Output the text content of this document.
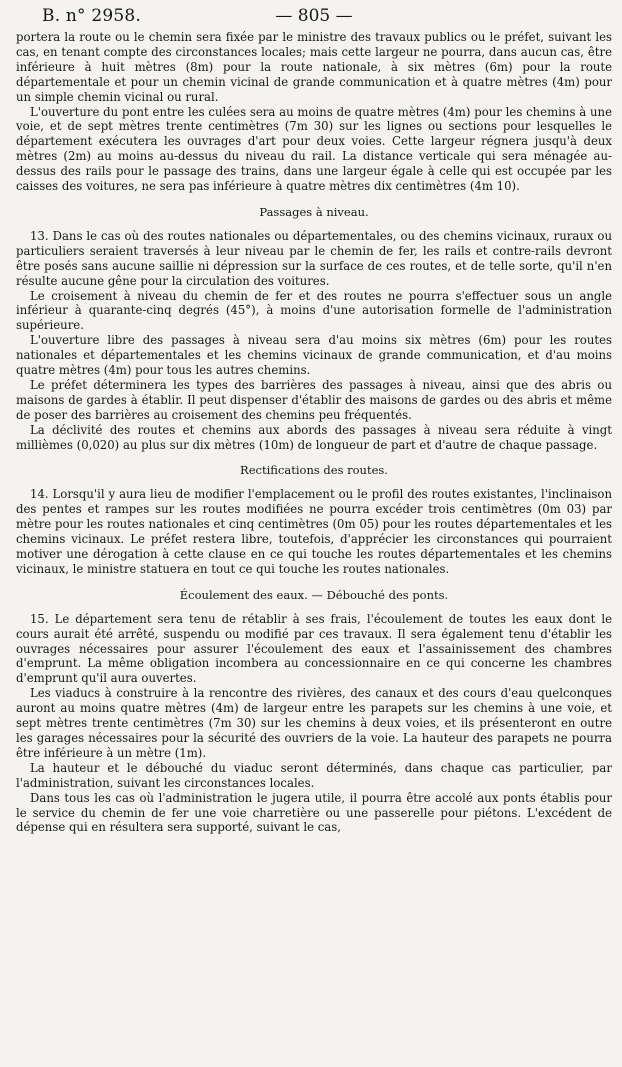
B. n° 2958.	— 805 —

portera la route ou le chemin sera fixée par le ministre des travaux publics ou le préfet, suivant les cas, en tenant compte des circonstances locales; mais cette largeur ne pourra, dans aucun cas, être inférieure à huit mètres (8m) pour la route nationale, à six mètres (6m) pour la route départementale et pour un chemin vicinal de grande communication et à quatre mètres (4m) pour un simple chemin vicinal ou rural.

L'ouverture du pont entre les culées sera au moins de quatre mètres (4m) pour les chemins à une voie, et de sept mètres trente centimètres (7m 30) sur les lignes ou sections pour lesquelles le département exécutera les ouvrages d'art pour deux voies. Cette largeur régnera jusqu'à deux mètres (2m) au moins au-dessus du niveau du rail. La distance verticale qui sera ménagée au-dessus des rails pour le passage des trains, dans une largeur égale à celle qui est occupée par les caisses des voitures, ne sera pas inférieure à quatre mètres dix centimètres (4m 10).

Passages à niveau.

13. Dans le cas où des routes nationales ou départementales, ou des chemins vicinaux, ruraux ou particuliers seraient traversés à leur niveau par le chemin de fer, les rails et contre-rails devront être posés sans aucune saillie ni dépression sur la surface de ces routes, et de telle sorte, qu'il n'en résulte aucune gêne pour la circulation des voitures.

Le croisement à niveau du chemin de fer et des routes ne pourra s'effectuer sous un angle inférieur à quarante-cinq degrés (45°), à moins d'une autorisation formelle de l'administration supérieure.

L'ouverture libre des passages à niveau sera d'au moins six mètres (6m) pour les routes nationales et départementales et les chemins vicinaux de grande communication, et d'au moins quatre mètres (4m) pour tous les autres chemins.

Le préfet déterminera les types des barrières des passages à niveau, ainsi que des abris ou maisons de gardes à établir. Il peut dispenser d'établir des maisons de gardes ou des abris et même de poser des barrières au croisement des chemins peu fréquentés.

La déclivité des routes et chemins aux abords des passages à niveau sera réduite à vingt millièmes (0,020) au plus sur dix mètres (10m) de longueur de part et d'autre de chaque passage.

Rectifications des routes.

14. Lorsqu'il y aura lieu de modifier l'emplacement ou le profil des routes existantes, l'inclinaison des pentes et rampes sur les routes modifiées ne pourra excéder trois centimètres (0m 03) par mètre pour les routes nationales et cinq centimètres (0m 05) pour les routes départementales et les chemins vicinaux. Le préfet restera libre, toutefois, d'apprécier les circonstances qui pourraient motiver une dérogation à cette clause en ce qui touche les routes départementales et les chemins vicinaux, le ministre statuera en tout ce qui touche les routes nationales.

Écoulement des eaux. — Débouché des ponts.

15. Le département sera tenu de rétablir à ses frais, l'écoulement de toutes les eaux dont le cours aurait été arrêté, suspendu ou modifié par ces travaux. Il sera également tenu d'établir les ouvrages nécessaires pour assurer l'écoulement des eaux et l'assainissement des chambres d'emprunt. La même obligation incombera au concessionnaire en ce qui concerne les chambres d'emprunt qu'il aura ouvertes.

Les viaducs à construire à la rencontre des rivières, des canaux et des cours d'eau quelconques auront au moins quatre mètres (4m) de largeur entre les parapets sur les chemins à une voie, et sept mètres trente centimètres (7m 30) sur les chemins à deux voies, et ils présenteront en outre les garages nécessaires pour la sécurité des ouvriers de la voie. La hauteur des parapets ne pourra être inférieure à un mètre (1m).

La hauteur et le débouché du viaduc seront déterminés, dans chaque cas particulier, par l'administration, suivant les circonstances locales.

Dans tous les cas où l'administration le jugera utile, il pourra être accolé aux ponts établis pour le service du chemin de fer une voie charretière ou une passerelle pour piétons. L'excédent de dépense qui en résultera sera supporté, suivant le cas,
